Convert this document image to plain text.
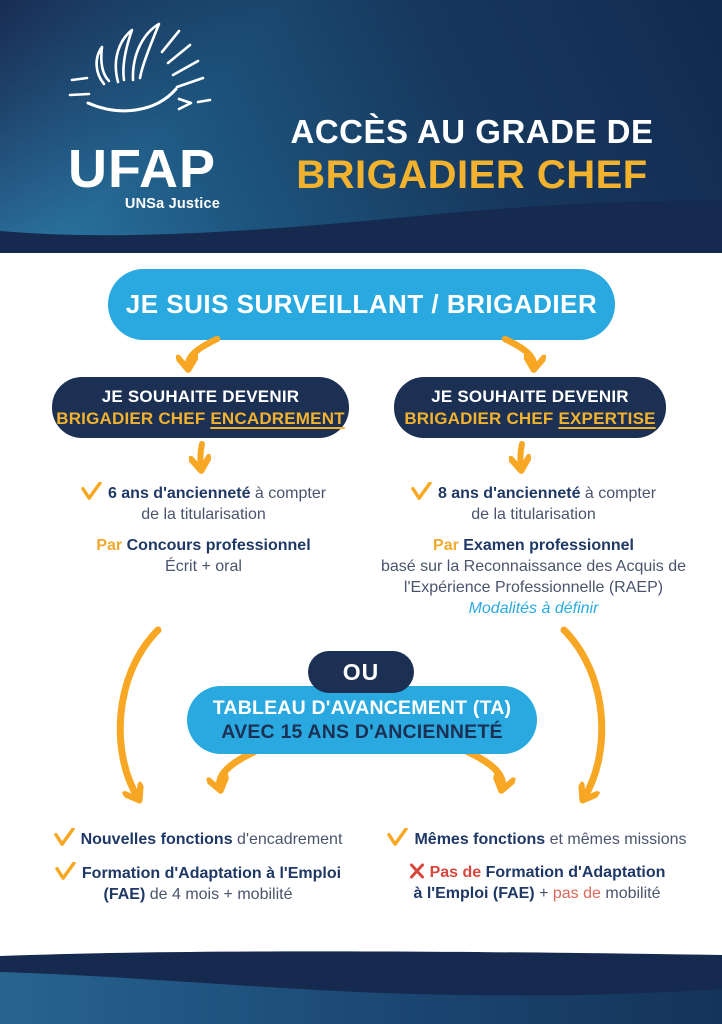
UFAP
UNSa Justice
ACCÈS AU GRADE DE
BRIGADIER CHEF
JE SUIS SURVEILLANT / BRIGADIER
JE SOUHAITE DEVENIR
BRIGADIER CHEF ENCADREMENT
JE SOUHAITE DEVENIR
BRIGADIER CHEF EXPERTISE
6 ans d'ancienneté à compter
de la titularisation
Par Concours professionnel
Écrit + oral
8 ans d'ancienneté à compter
de la titularisation
Par Examen professionnel
basé sur la Reconnaissance des Acquis de
l'Expérience Professionnelle (RAEP)
Modalités à définir
OU
TABLEAU D'AVANCEMENT (TA)
AVEC 15 ANS D'ANCIENNETÉ
Nouvelles fonctions d'encadrement
Formation d'Adaptation à l'Emploi
(FAE) de 4 mois + mobilité
Mêmes fonctions et mêmes missions
Pas de Formation d'Adaptation
à l'Emploi (FAE) + pas de mobilité
